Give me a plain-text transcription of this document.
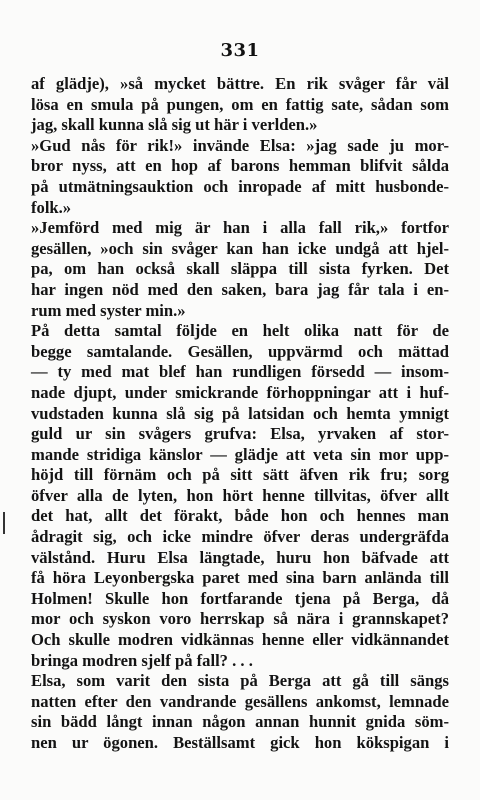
331
af glädje), »så mycket bättre. En rik svåger får väl
lösa en smula på pungen, om en fattig sate, sådan som
jag, skall kunna slå sig ut här i verlden.»
»Gud nås för rik!» invände Elsa: »jag sade ju mor-
bror nyss, att en hop af barons hemman blifvit sålda
på utmätningsauktion och inropade af mitt husbonde-
folk.»
»Jemförd med mig är han i alla fall rik,» fortfor
gesällen, »och sin svåger kan han icke undgå att hjel-
pa, om han också skall släppa till sista fyrken. Det
har ingen nöd med den saken, bara jag får tala i en-
rum med syster min.»
På detta samtal följde en helt olika natt för de
begge samtalande. Gesällen, uppvärmd och mättad
— ty med mat blef han rundligen försedd — insom-
nade djupt, under smickrande förhoppningar att i huf-
vudstaden kunna slå sig på latsidan och hemta ymnigt
guld ur sin svågers grufva: Elsa, yrvaken af stor-
mande stridiga känslor — glädje att veta sin mor upp-
höjd till förnäm och på sitt sätt äfven rik fru; sorg
öfver alla de lyten, hon hört henne tillvitas, öfver allt
det hat, allt det förakt, både hon och hennes man
ådragit sig, och icke mindre öfver deras undergräfda
välstånd. Huru Elsa längtade, huru hon bäfvade att
få höra Leyonbergska paret med sina barn anlända till
Holmen! Skulle hon fortfarande tjena på Berga, då
mor och syskon voro herrskap så nära i grannskapet?
Och skulle modren vidkännas henne eller vidkännandet
bringa modren sjelf på fall? . . .
Elsa, som varit den sista på Berga att gå till sängs
natten efter den vandrande gesällens ankomst, lemnade
sin bädd långt innan någon annan hunnit gnida söm-
nen ur ögonen. Beställsamt gick hon kökspigan i
